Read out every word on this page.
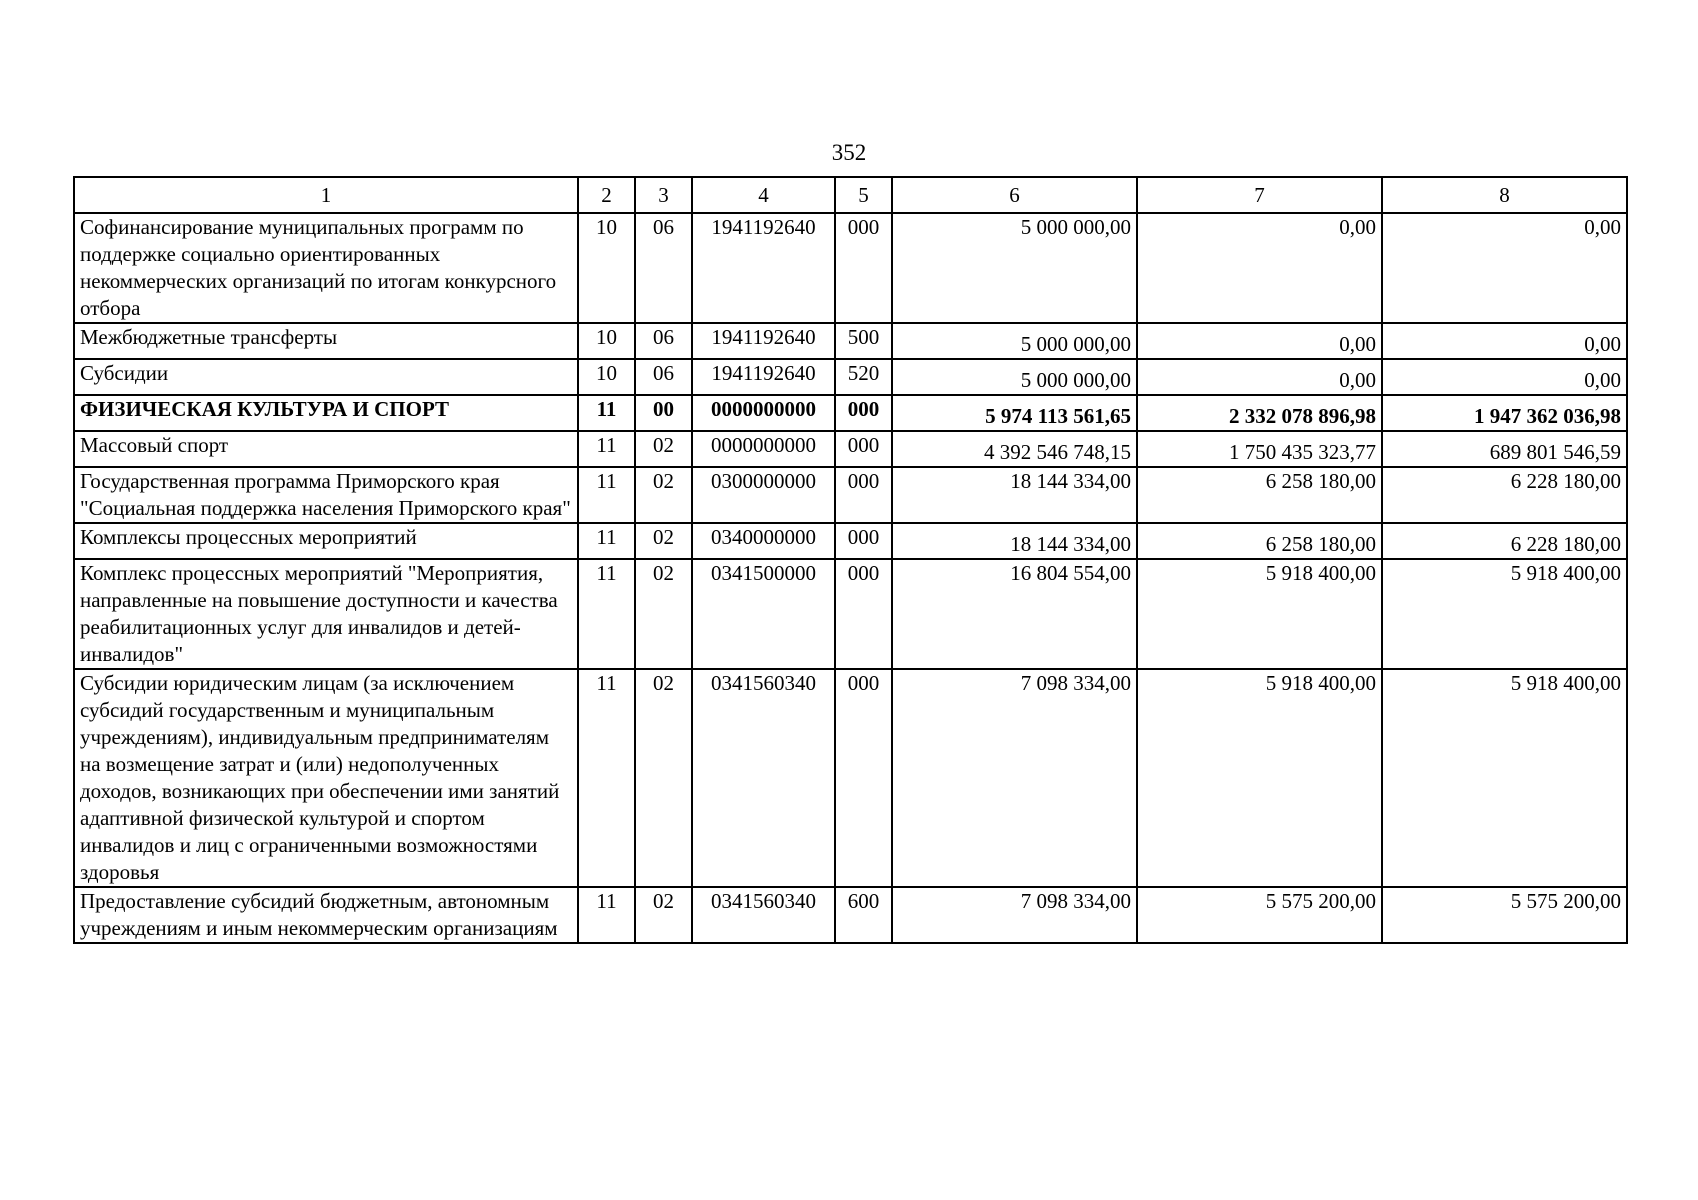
352
1	2	3	4	5	6	7	8
Софинансирование муниципальных программ по поддержке социально ориентированных некоммерческих организаций по итогам конкурсного отбора	10	06	1941192640	000	5 000 000,00	0,00	0,00
Межбюджетные трансферты	10	06	1941192640	500	5 000 000,00	0,00	0,00
Субсидии	10	06	1941192640	520	5 000 000,00	0,00	0,00
ФИЗИЧЕСКАЯ КУЛЬТУРА И СПОРТ	11	00	0000000000	000	5 974 113 561,65	2 332 078 896,98	1 947 362 036,98
Массовый спорт	11	02	0000000000	000	4 392 546 748,15	1 750 435 323,77	689 801 546,59
Государственная программа Приморского края "Социальная поддержка населения Приморского края"	11	02	0300000000	000	18 144 334,00	6 258 180,00	6 228 180,00
Комплексы процессных мероприятий	11	02	0340000000	000	18 144 334,00	6 258 180,00	6 228 180,00
Комплекс процессных мероприятий "Мероприятия, направленные на повышение доступности и качества реабилитационных услуг для инвалидов и детей-инвалидов"	11	02	0341500000	000	16 804 554,00	5 918 400,00	5 918 400,00
Субсидии юридическим лицам (за исключением субсидий государственным и муниципальным учреждениям), индивидуальным предпринимателям на возмещение затрат и (или) недополученных доходов, возникающих при обеспечении ими занятий адаптивной физической культурой и спортом инвалидов и лиц с ограниченными возможностями здоровья	11	02	0341560340	000	7 098 334,00	5 918 400,00	5 918 400,00
Предоставление субсидий бюджетным, автономным учреждениям и иным некоммерческим организациям	11	02	0341560340	600	7 098 334,00	5 575 200,00	5 575 200,00
